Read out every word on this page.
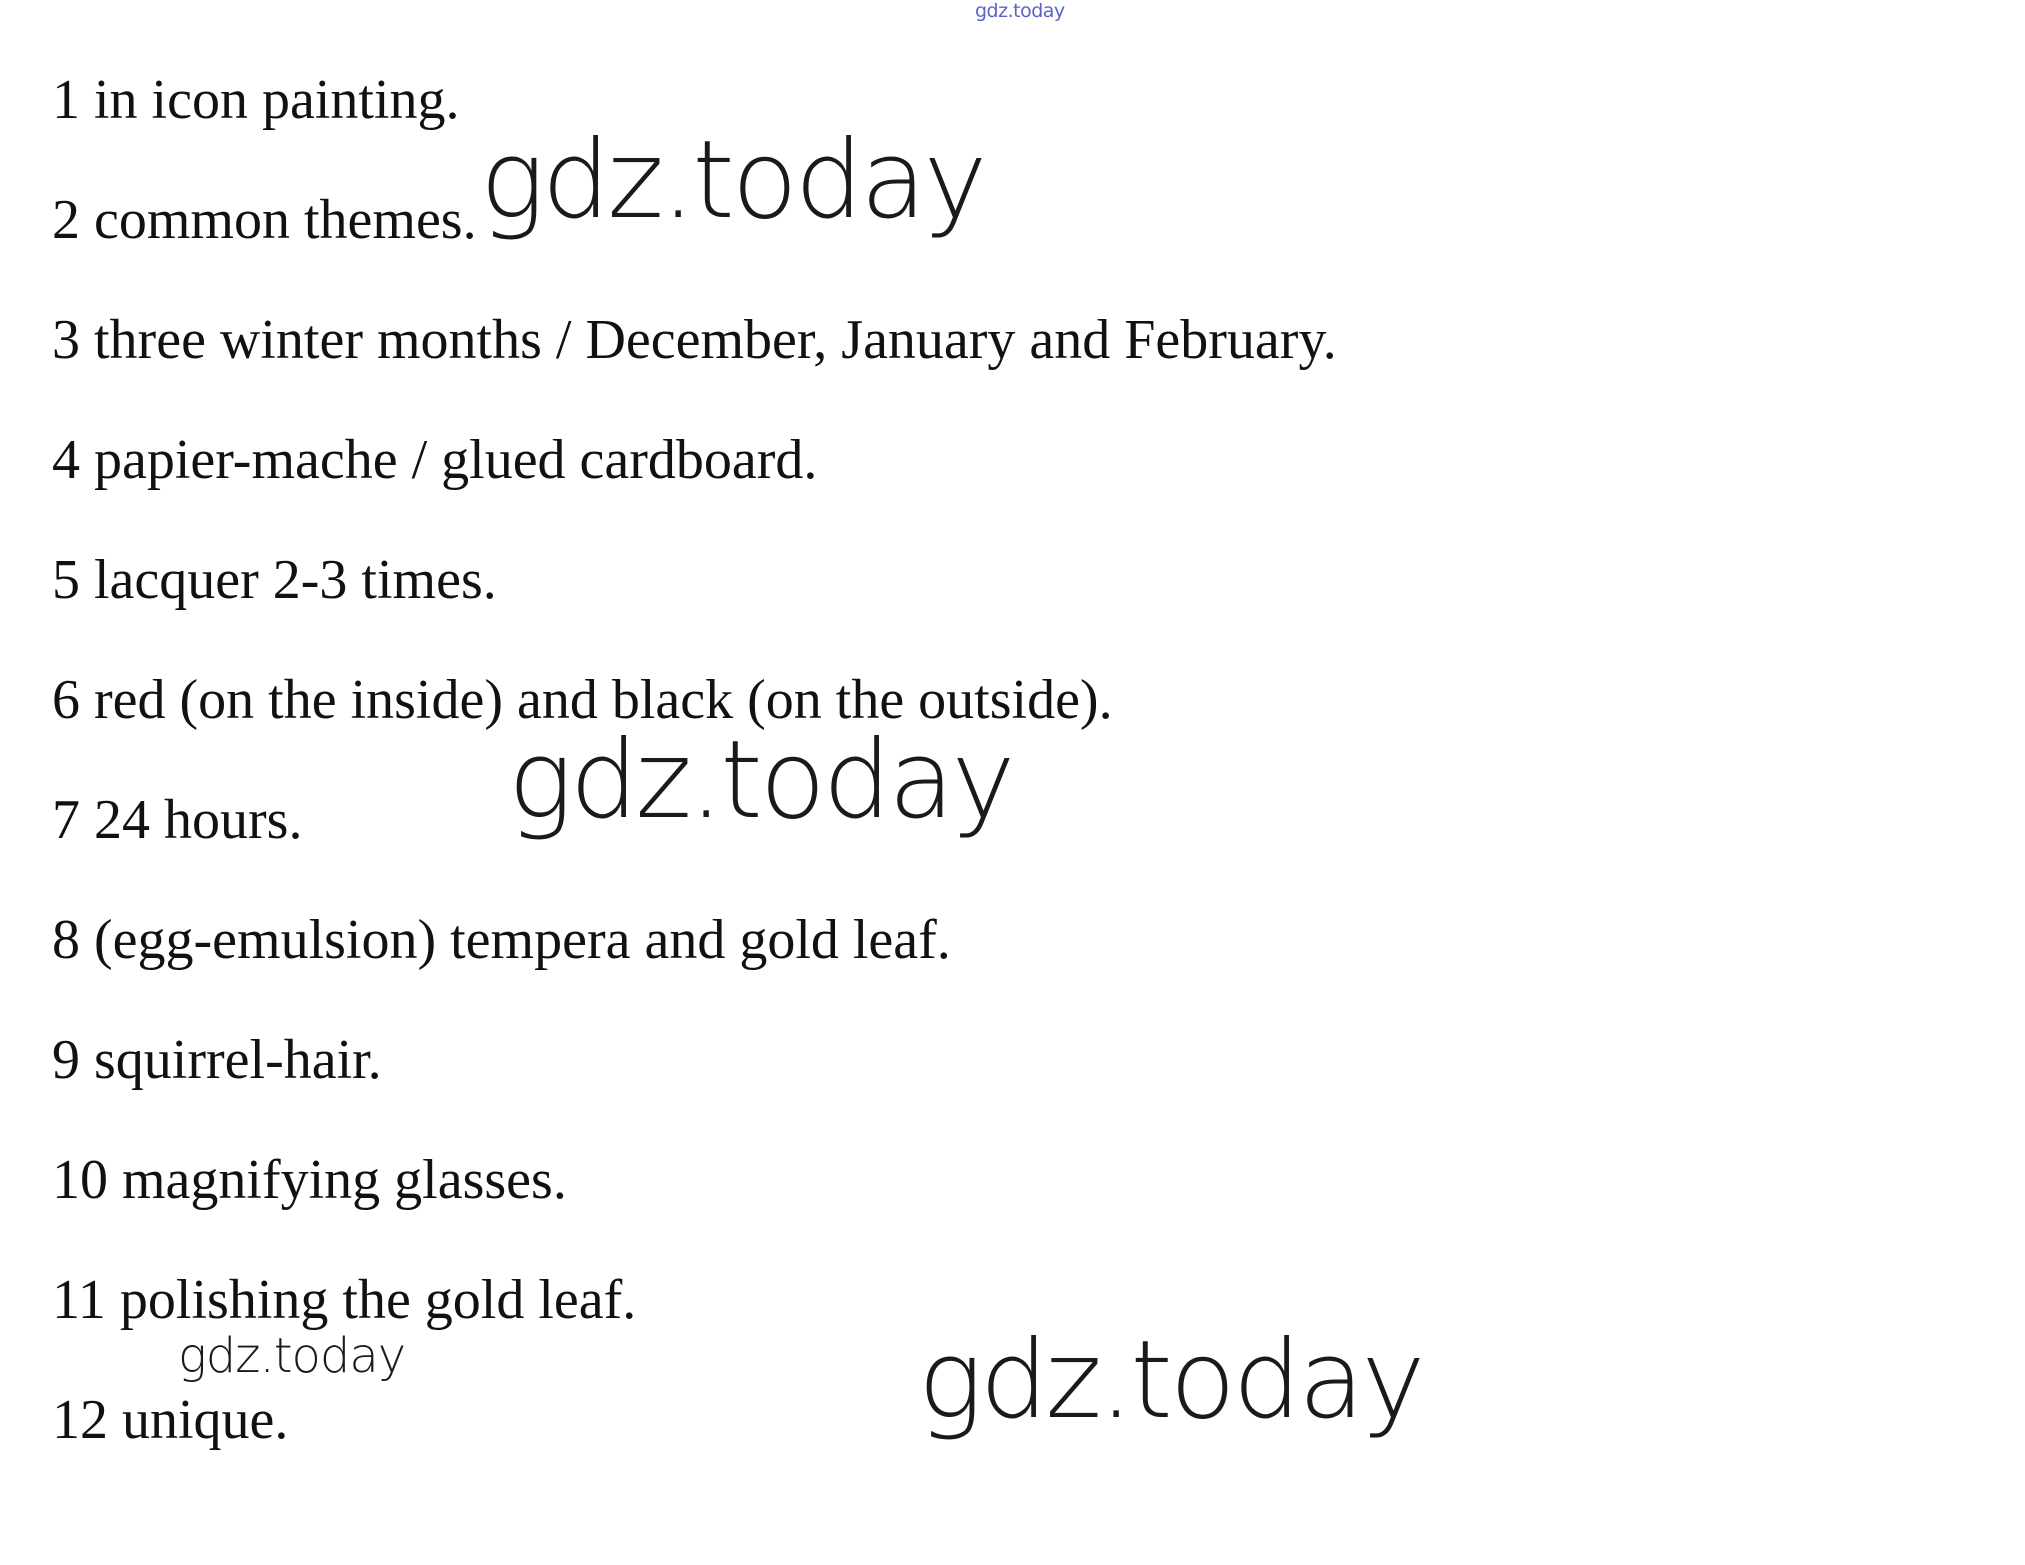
gdz.today
1 in icon painting.
2 common themes.
3 three winter months / December, January and February.
4 papier-mache / glued cardboard.
5 lacquer 2-3 times.
6 red (on the inside) and black (on the outside).
7 24 hours.
8 (egg-emulsion) tempera and gold leaf.
9 squirrel-hair.
10 magnifying glasses.
11 polishing the gold leaf.
12 unique.
gdz.today
gdz.today
gdz.today	gdz.today
